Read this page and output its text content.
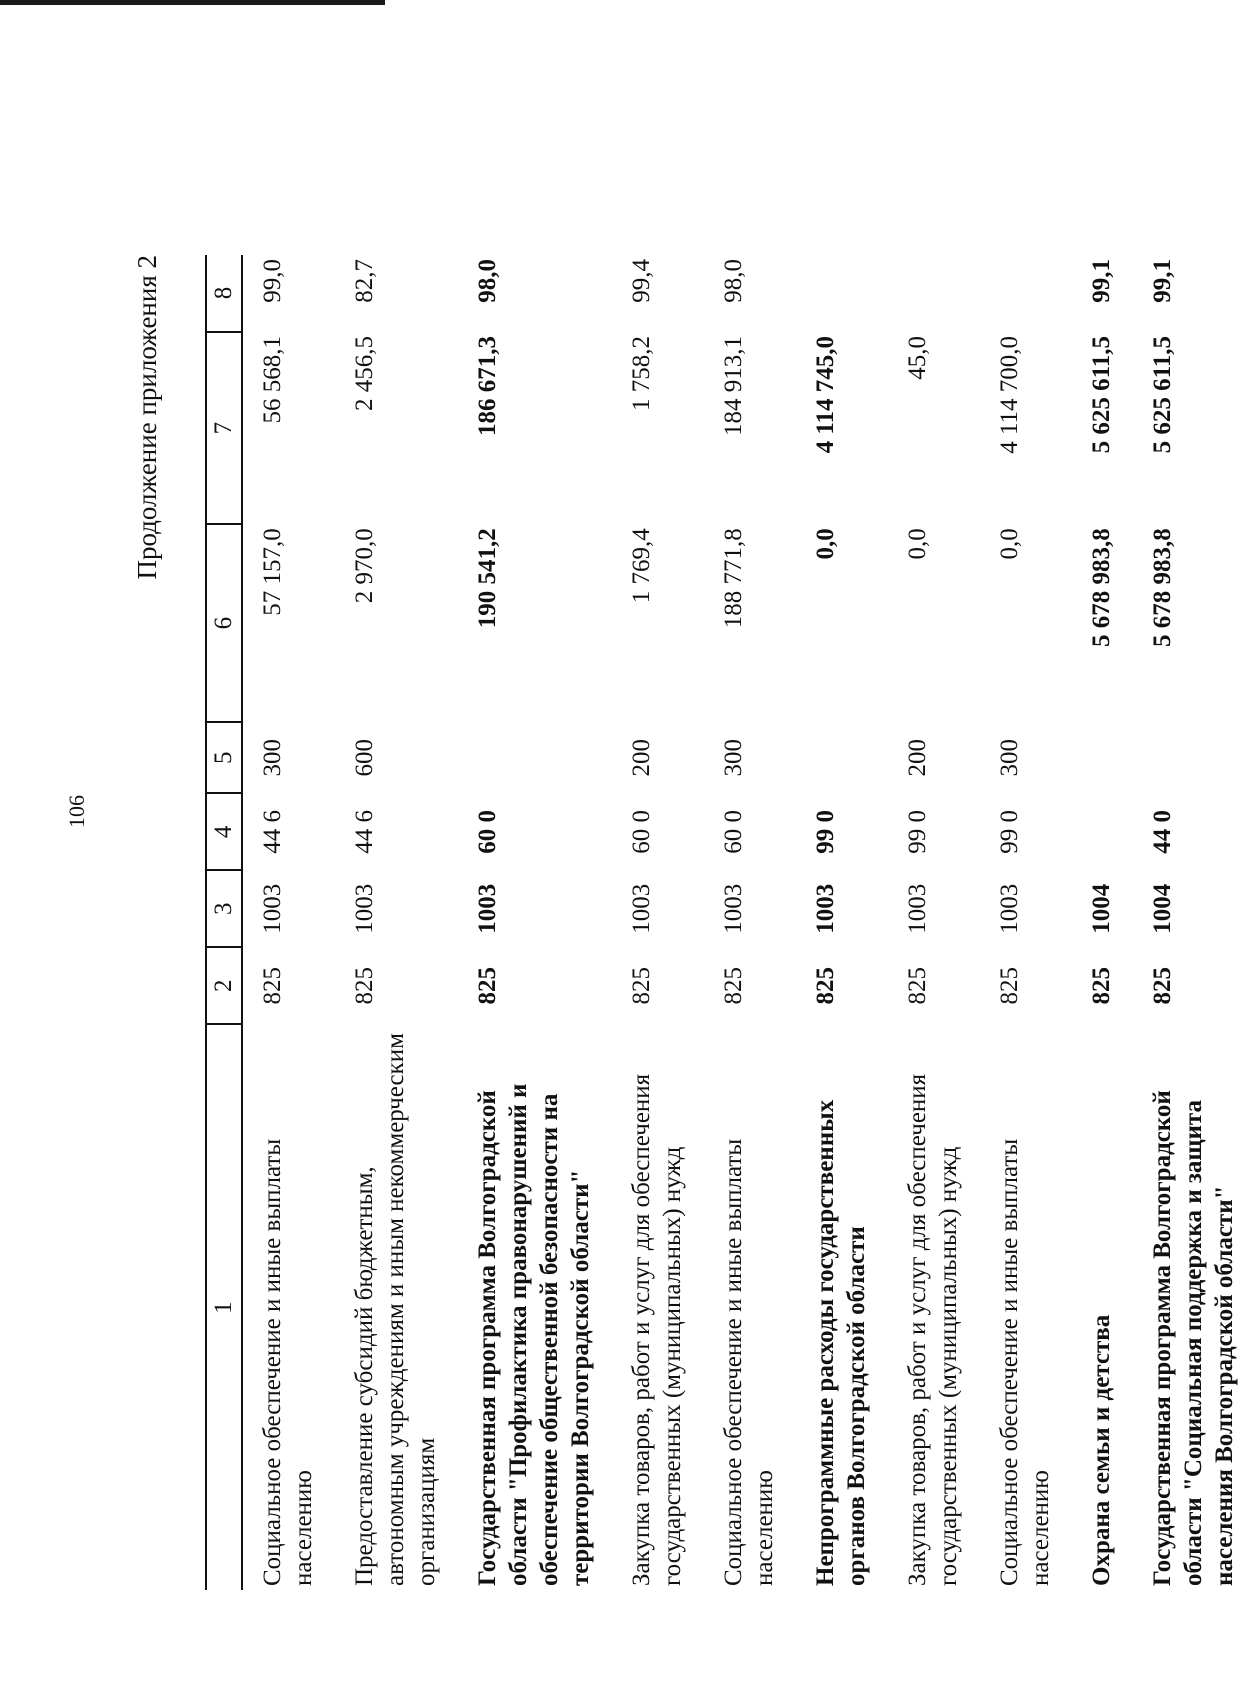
106
Продолжение приложения 2
1	2	3	4	5	6	7	8
Социальное обеспечение и иные выплаты населению	825	1003	44 6	300	57 157,0	56 568,1	99,0
Предоставление субсидий бюджетным, автономным учреждениям и иным некоммерческим организациям	825	1003	44 6	600	2 970,0	2 456,5	82,7
Государственная программа Волгоградской области "Профилактика правонарушений и обеспечение общественной безопасности на территории Волгоградской области"	825	1003	60 0		190 541,2	186 671,3	98,0
Закупка товаров, работ и услуг для обеспечения государственных (муниципальных) нужд	825	1003	60 0	200	1 769,4	1 758,2	99,4
Социальное обеспечение и иные выплаты населению	825	1003	60 0	300	188 771,8	184 913,1	98,0
Непрограммные расходы государственных органов Волгоградской области	825	1003	99 0		0,0	4 114 745,0	
Закупка товаров, работ и услуг для обеспечения государственных (муниципальных) нужд	825	1003	99 0	200	0,0	45,0	
Социальное обеспечение и иные выплаты населению	825	1003	99 0	300	0,0	4 114 700,0	
Охрана семьи и детства	825	1004			5 678 983,8	5 625 611,5	99,1
Государственная программа Волгоградской области "Социальная поддержка и защита населения Волгоградской области"	825	1004	44 0		5 678 983,8	5 625 611,5	99,1
